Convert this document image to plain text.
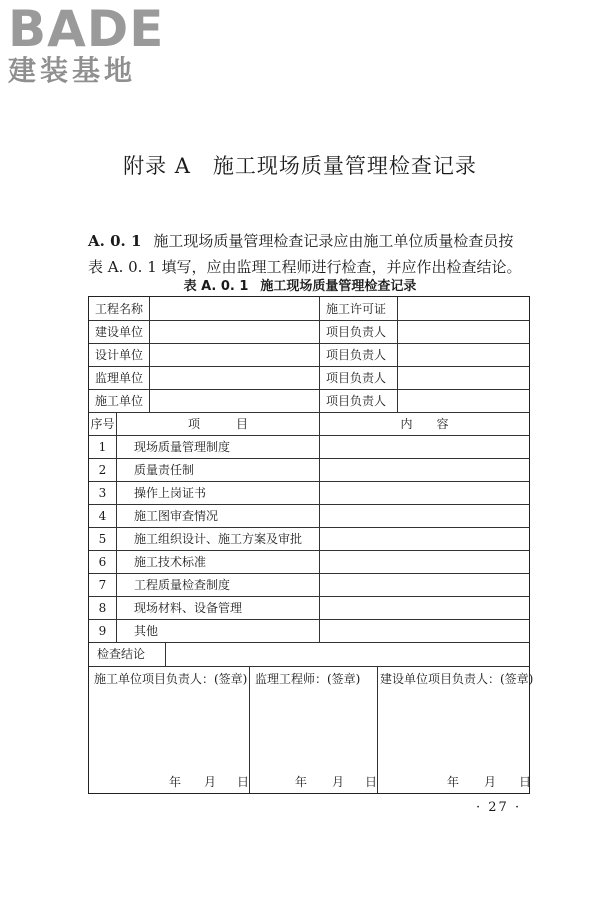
BADE
建装基地
附录 A 施工现场质量管理检查记录
A. 0. 1 施工现场质量管理检查记录应由施工单位质量检查员按
表 A. 0. 1 填写，应由监理工程师进行检查，并应作出检查结论。
表 A. 0. 1 施工现场质量管理检查记录
工程名称	施工许可证
建设单位	项目负责人
设计单位	项目负责人
监理单位	项目负责人
施工单位	项目负责人
序号	项　　　目	内　　容
1	现场质量管理制度
2	质量责任制
3	操作上岗证书
4	施工图审查情况
5	施工组织设计、施工方案及审批
6	施工技术标准
7	工程质量检查制度
8	现场材料、设备管理
9	其他
检查结论
施工单位项目负责人：(签章) 监理工程师：(签章) 建设单位项目负责人：(签章)
年 月 日	年 月 日	年 月 日
· 27 ·
